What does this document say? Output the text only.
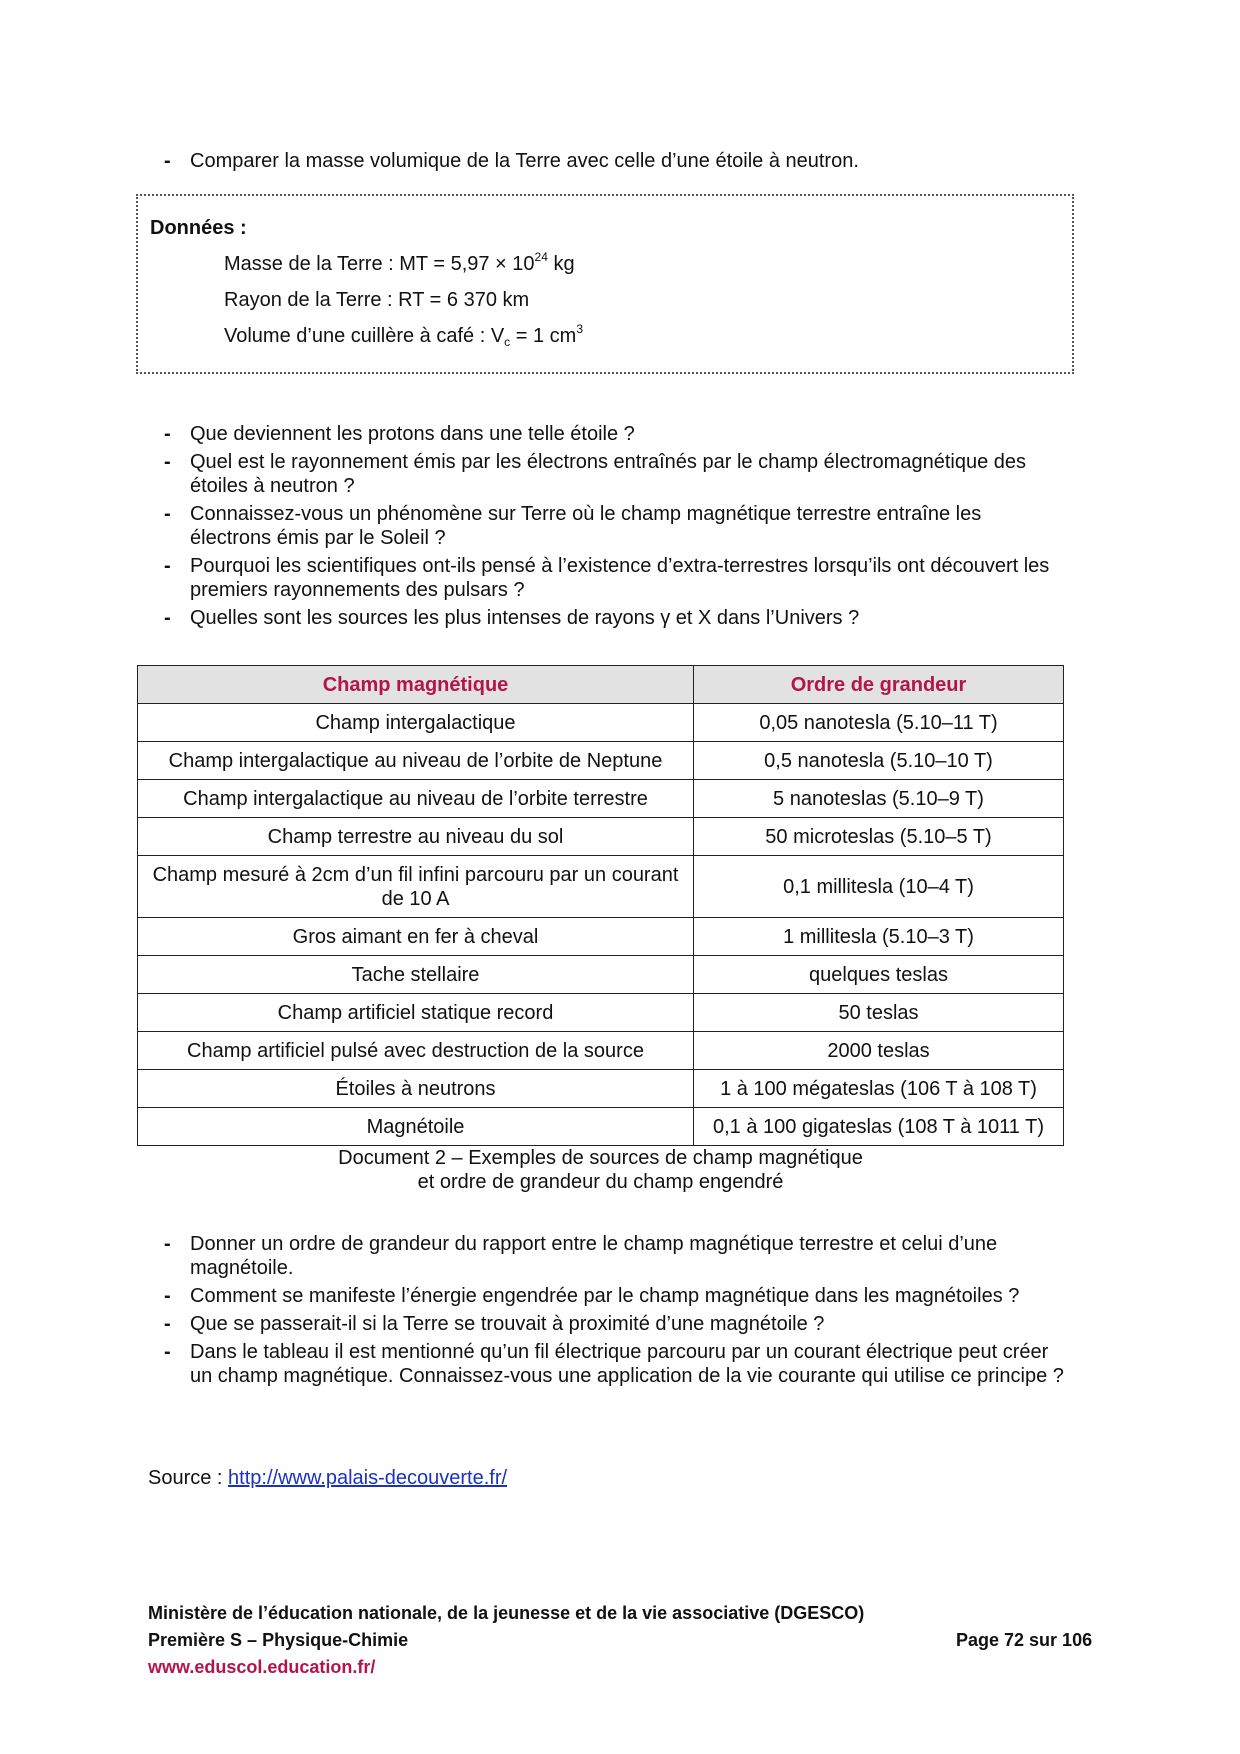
- Comparer la masse volumique de la Terre avec celle d’une étoile à neutron.
Données :
Masse de la Terre : MT = $5,97 \times 10^{24}$ kg
Rayon de la Terre : RT = 6 370 km
Volume d’une cuillère à café : $V_c = 1$ $cm^3$
- Que deviennent les protons dans une telle étoile ?
- Quel est le rayonnement émis par les électrons entraînés par le champ électromagnétique des étoiles à neutron ?
- Connaissez-vous un phénomène sur Terre où le champ magnétique terrestre entraîne les électrons émis par le Soleil ?
- Pourquoi les scientifiques ont-ils pensé à l’existence d’extra-terrestres lorsqu’ils ont découvert les premiers rayonnements des pulsars ?
- Quelles sont les sources les plus intenses de rayons γ et X dans l’Univers ?
Champ magnétique	Ordre de grandeur
Champ intergalactique	0,05 nanotesla (5.10–11 T)
Champ intergalactique au niveau de l’orbite de Neptune	0,5 nanotesla (5.10–10 T)
Champ intergalactique au niveau de l’orbite terrestre	5 nanoteslas (5.10–9 T)
Champ terrestre au niveau du sol	50 microteslas (5.10–5 T)
Champ mesuré à 2cm d’un fil infini parcouru par un courant de 10 A	0,1 millitesla (10–4 T)
Gros aimant en fer à cheval	1 millitesla (5.10–3 T)
Tache stellaire	quelques teslas
Champ artificiel statique record	50 teslas
Champ artificiel pulsé avec destruction de la source	2000 teslas
Étoiles à neutrons	1 à 100 mégateslas (106 T à 108 T)
Magnétoile	0,1 à 100 gigateslas (108 T à 1011 T)
Document 2 – Exemples de sources de champ magnétique
et ordre de grandeur du champ engendré
- Donner un ordre de grandeur du rapport entre le champ magnétique terrestre et celui d’une magnétoile.
- Comment se manifeste l’énergie engendrée par le champ magnétique dans les magnétoiles ?
- Que se passerait-il si la Terre se trouvait à proximité d’une magnétoile ?
- Dans le tableau il est mentionné qu’un fil électrique parcouru par un courant électrique peut créer un champ magnétique. Connaissez-vous une application de la vie courante qui utilise ce principe ?
Source : http://www.palais-decouverte.fr/
Ministère de l’éducation nationale, de la jeunesse et de la vie associative (DGESCO)
Première S – Physique-Chimie	Page 72 sur 106
www.eduscol.education.fr/
